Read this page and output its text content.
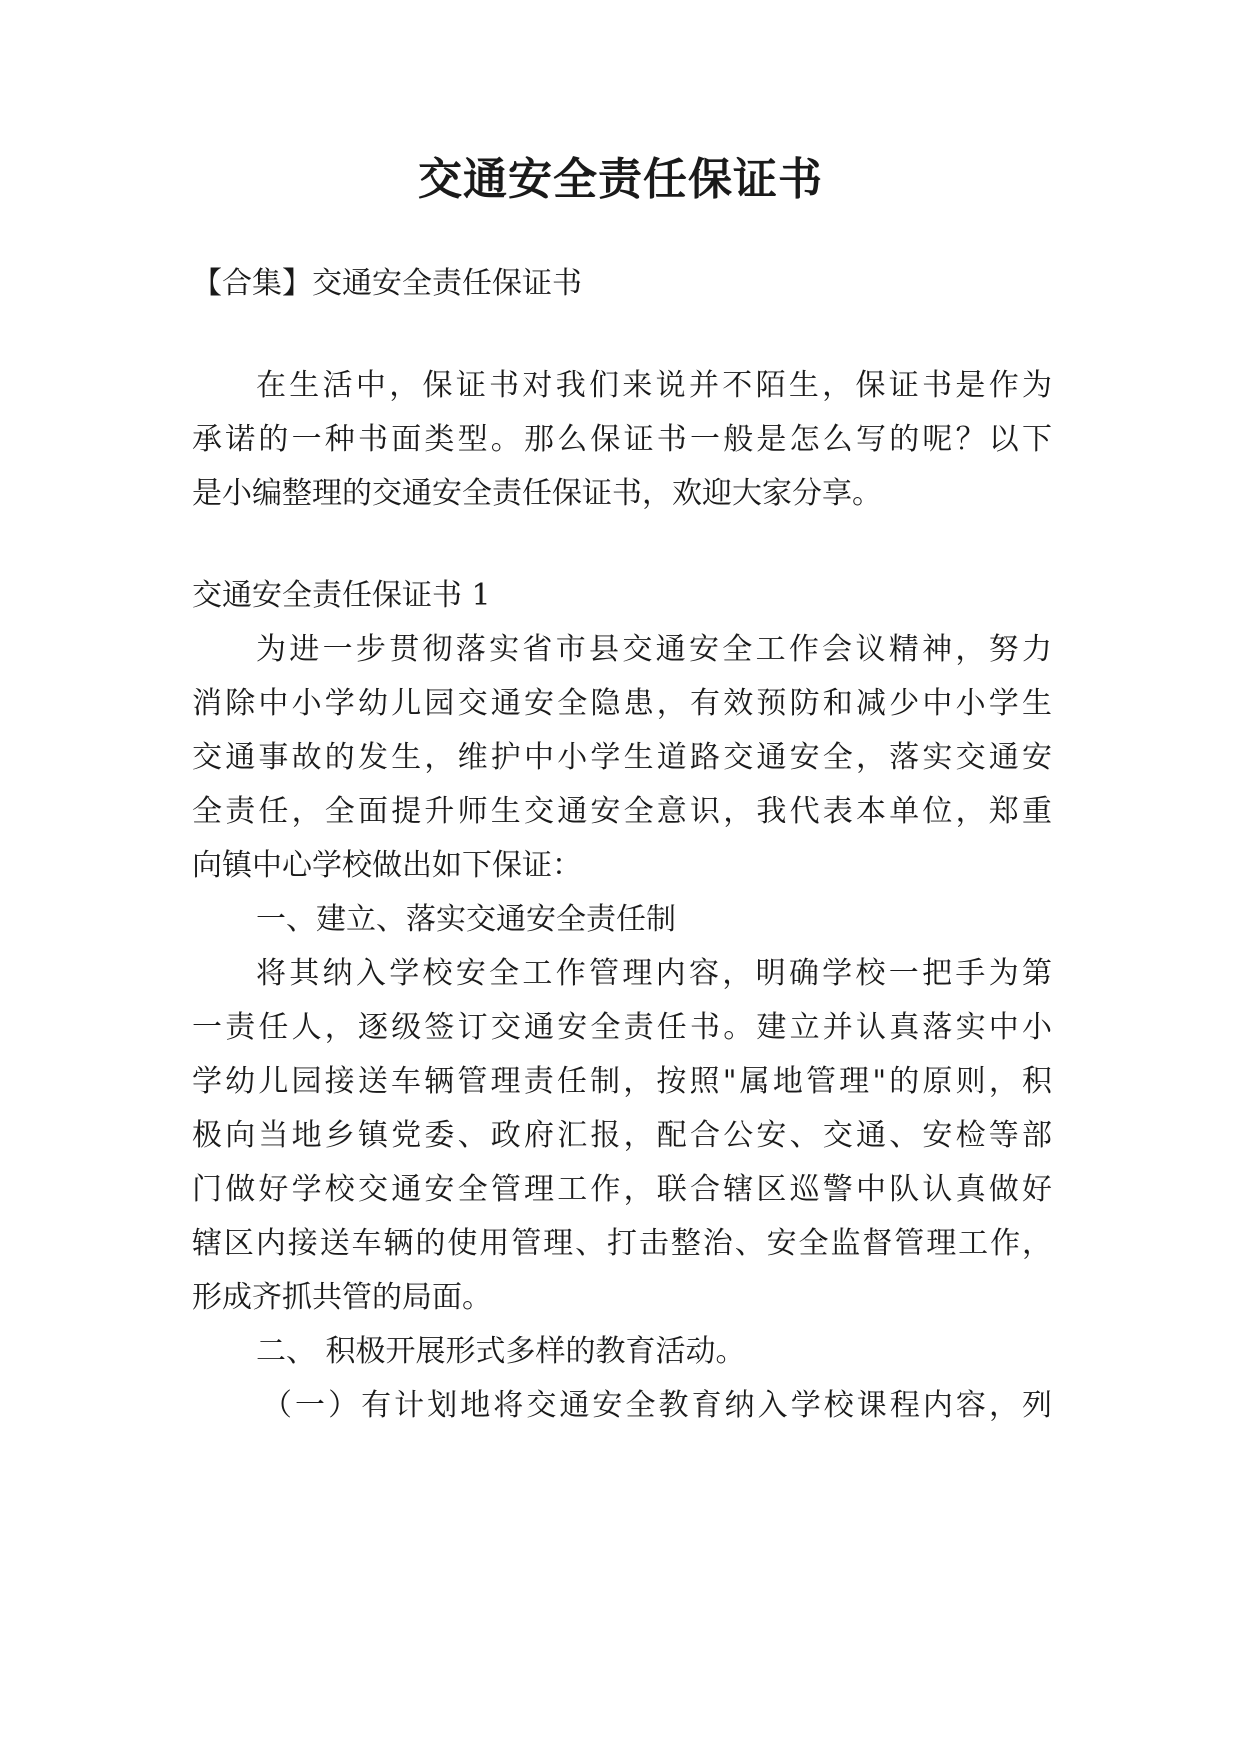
交通安全责任保证书
【合集】交通安全责任保证书
在生活中，保证书对我们来说并不陌生，保证书是作为
承诺的一种书面类型。那么保证书一般是怎么写的呢？以下
是小编整理的交通安全责任保证书，欢迎大家分享。
交通安全责任保证书 1
为进一步贯彻落实省市县交通安全工作会议精神，努力
消除中小学幼儿园交通安全隐患，有效预防和减少中小学生
交通事故的发生，维护中小学生道路交通安全，落实交通安
全责任，全面提升师生交通安全意识，我代表本单位，郑重
向镇中心学校做出如下保证：
一、建立、落实交通安全责任制
将其纳入学校安全工作管理内容，明确学校一把手为第
一责任人，逐级签订交通安全责任书。建立并认真落实中小
学幼儿园接送车辆管理责任制，按照"属地管理"的原则，积
极向当地乡镇党委、政府汇报，配合公安、交通、安检等部
门做好学校交通安全管理工作，联合辖区巡警中队认真做好
辖区内接送车辆的使用管理、打击整治、安全监督管理工作，
形成齐抓共管的局面。
二、 积极开展形式多样的教育活动。
（一）有计划地将交通安全教育纳入学校课程内容，列
